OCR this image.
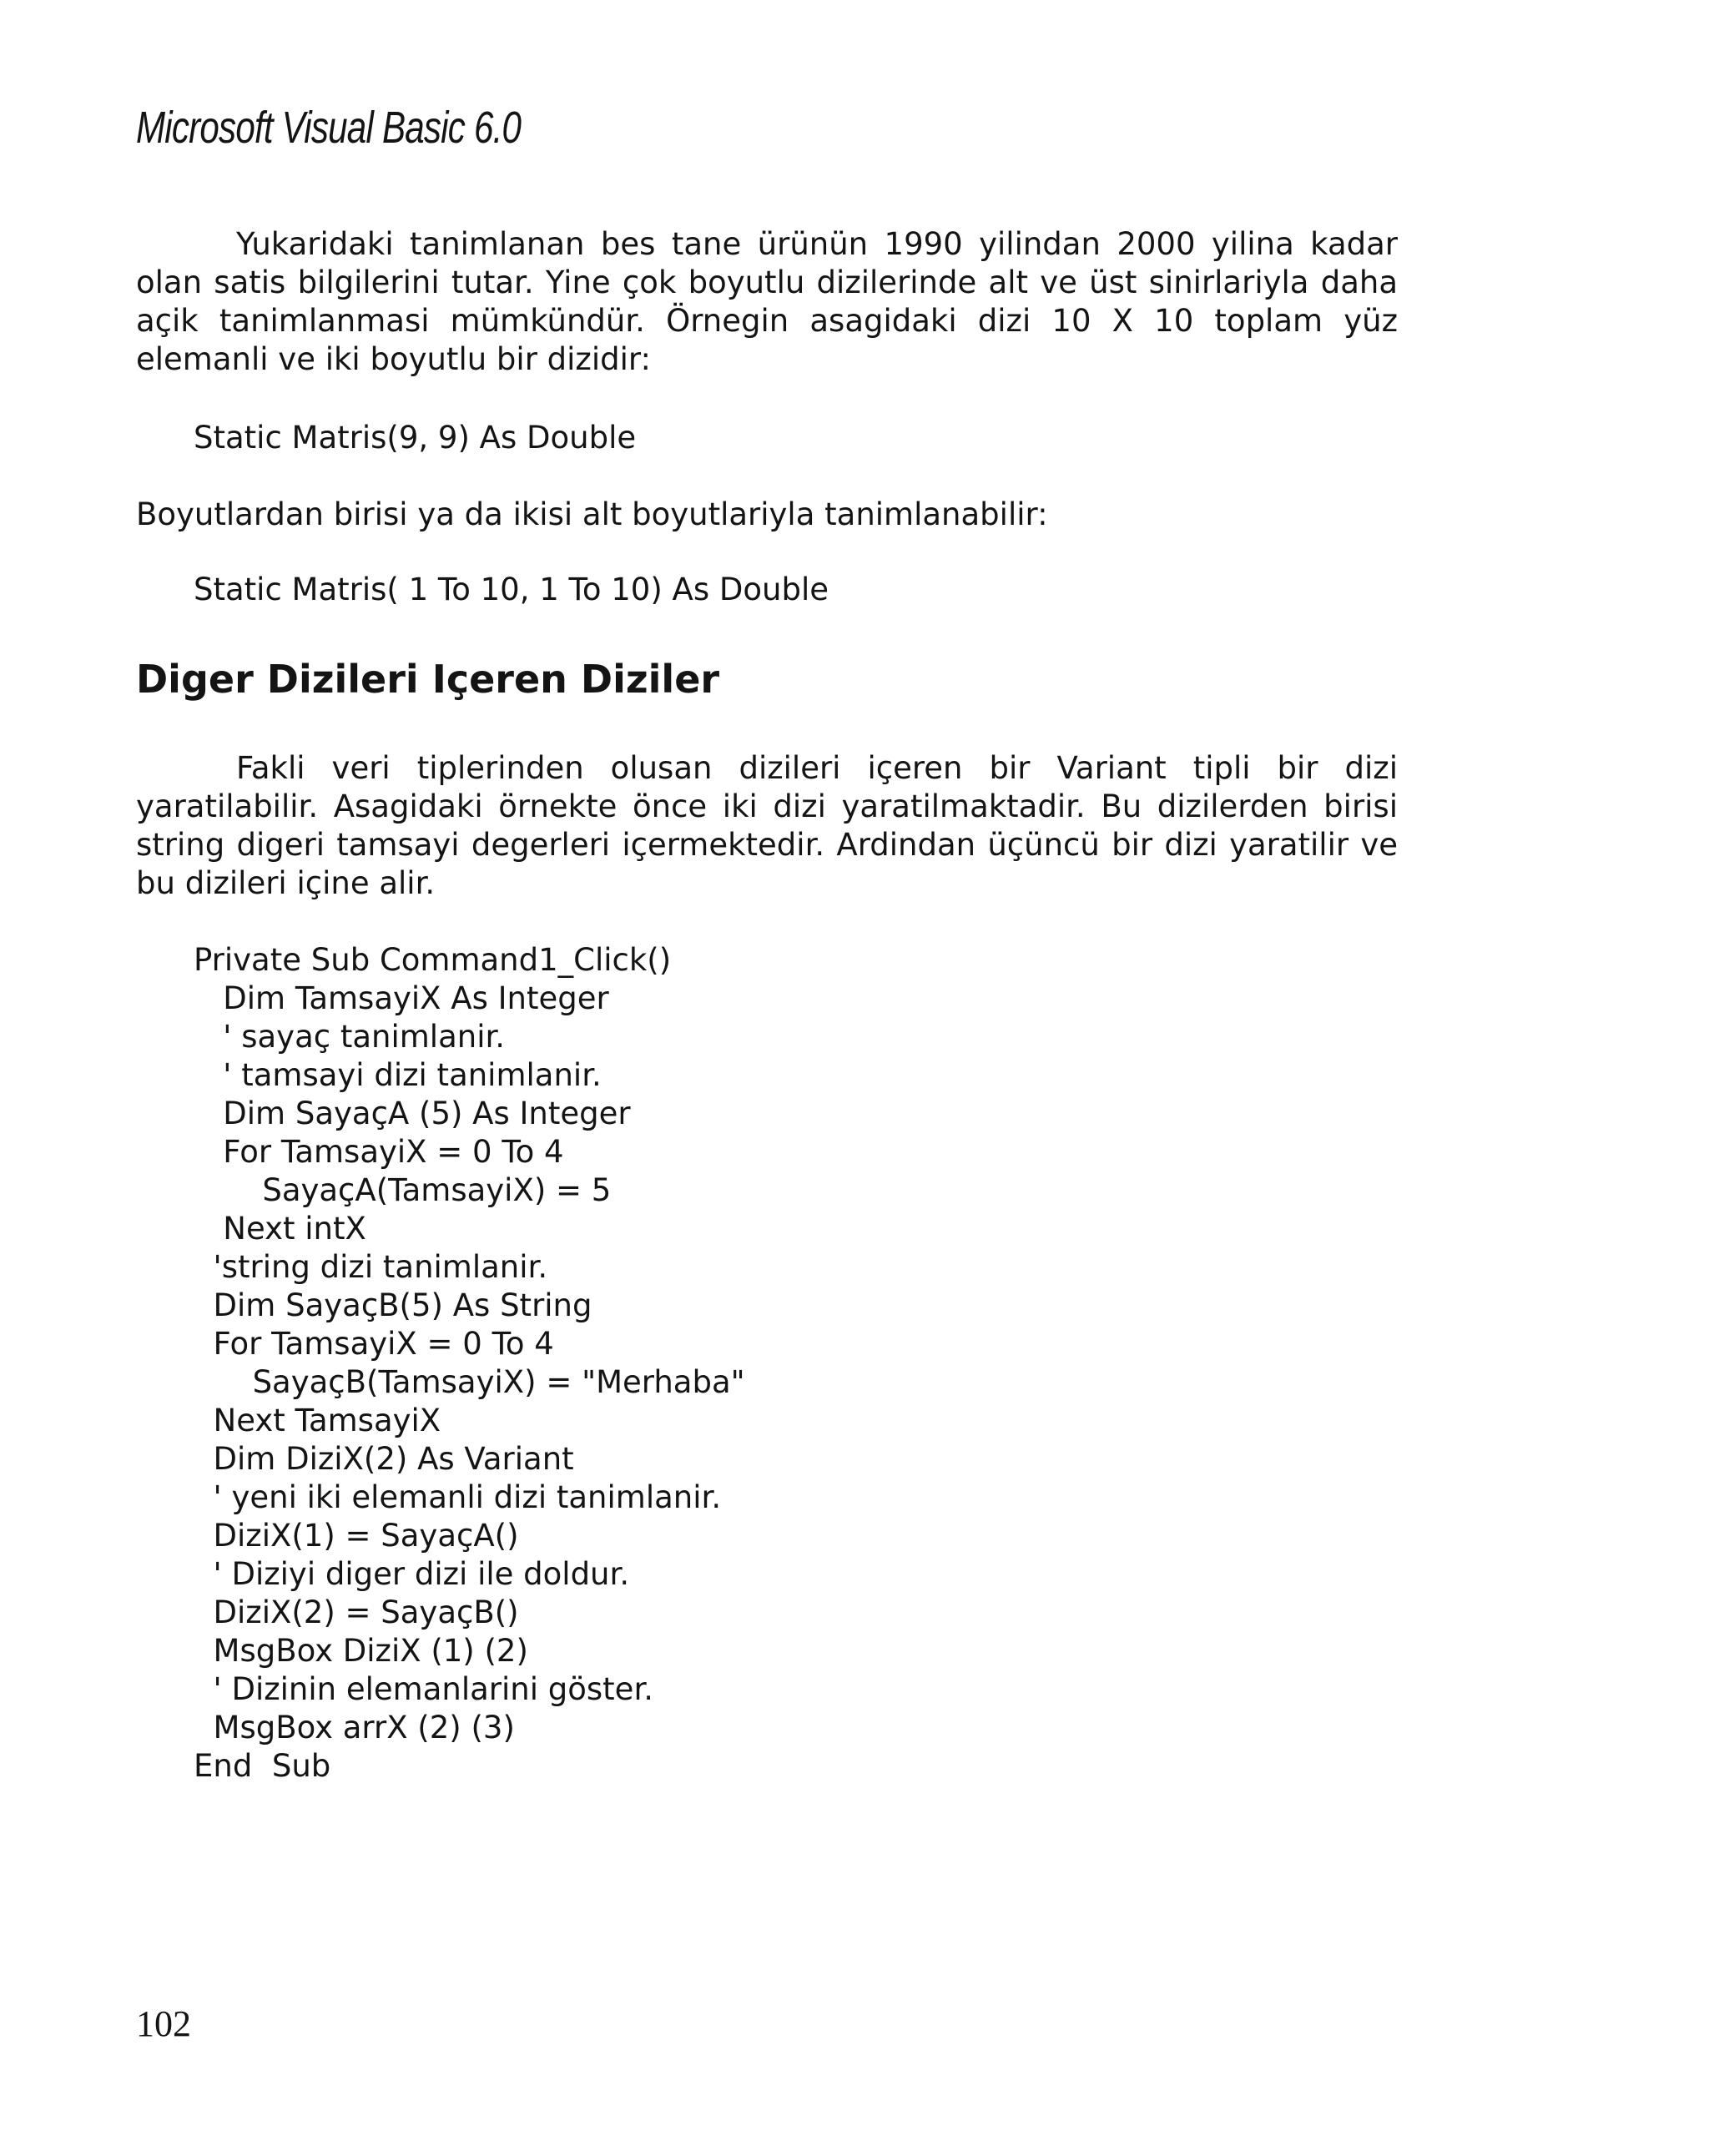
Microsoft Visual Basic 6.0

Yukaridaki tanimlanan bes tane ürünün 1990 yilindan 2000 yilina kadar olan satis bilgilerini tutar. Yine çok boyutlu dizilerinde alt ve üst sinirlariyla daha açik tanimlanmasi mümkündür. Örnegin asagidaki dizi 10 X 10 toplam yüz elemanli ve iki boyutlu bir dizidir:

Static Matris(9, 9) As Double

Boyutlardan birisi ya da ikisi alt boyutlariyla tanimlanabilir:

Static Matris( 1 To 10, 1 To 10) As Double

Diger Dizileri Içeren Diziler

Fakli veri tiplerinden olusan dizileri içeren bir Variant tipli bir dizi yaratilabilir. Asagidaki örnekte önce iki dizi yaratilmaktadir. Bu dizilerden birisi string digeri tamsayi degerleri içermektedir. Ardindan üçüncü bir dizi yaratilir ve bu dizileri içine alir.

Private Sub Command1_Click()
Dim TamsayiX As Integer
' sayaç tanimlanir.
' tamsayi dizi tanimlanir.
Dim SayaçA (5) As Integer
For TamsayiX = 0 To 4
SayaçA(TamsayiX) = 5
Next intX
'string dizi tanimlanir.
Dim SayaçB(5) As String
For TamsayiX = 0 To 4
SayaçB(TamsayiX) = "Merhaba"
Next TamsayiX
Dim DiziX(2) As Variant
' yeni iki elemanli dizi tanimlanir.
DiziX(1) = SayaçA()
' Diziyi diger dizi ile doldur.
DiziX(2) = SayaçB()
MsgBox DiziX (1) (2)
' Dizinin elemanlarini göster.
MsgBox arrX (2) (3)
End  Sub
102
